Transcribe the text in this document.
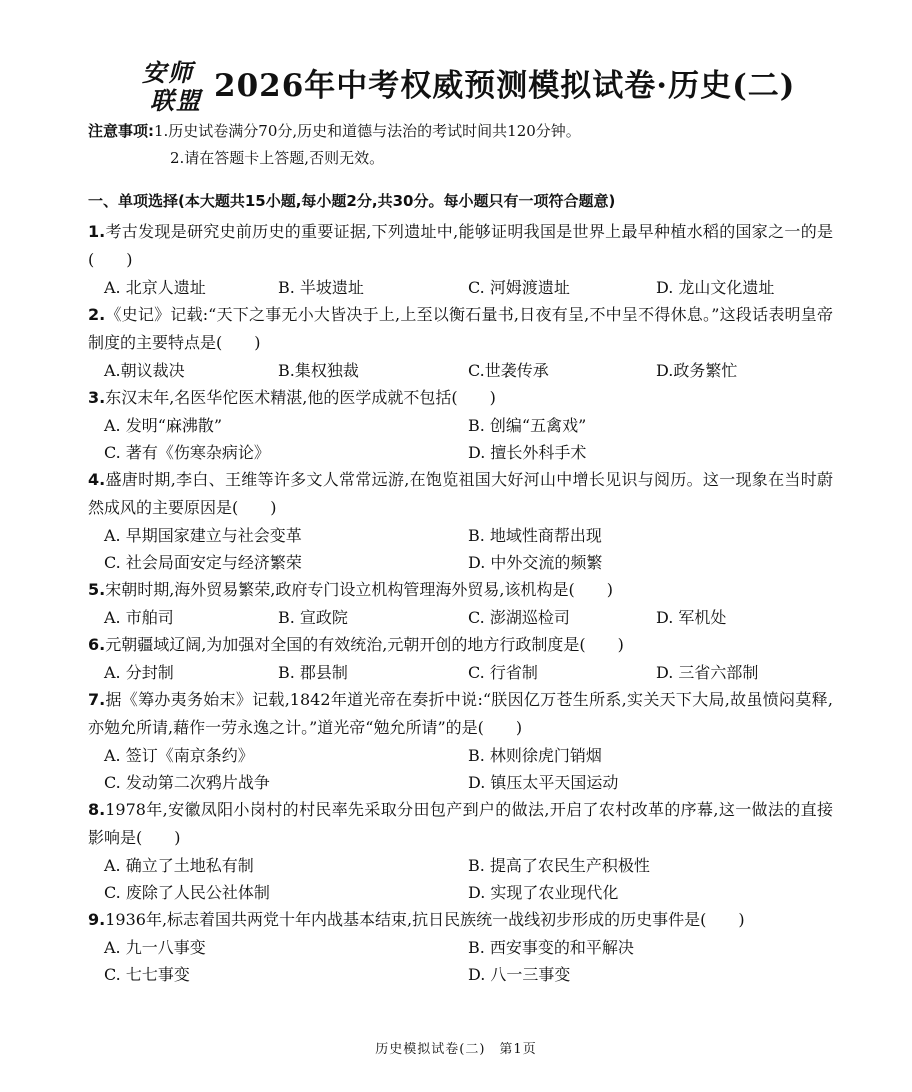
安师
联盟 2026年中考权威预测模拟试卷·历史(二)
注意事项:1.历史试卷满分70分,历史和道德与法治的考试时间共120分钟。
2.请在答题卡上答题,否则无效。
一、单项选择(本大题共15小题,每小题2分,共30分。每小题只有一项符合题意)
1.考古发现是研究史前历史的重要证据,下列遗址中,能够证明我国是世界上最早种植水稻的国家之一的是(　　)
A. 北京人遗址	B. 半坡遗址	C. 河姆渡遗址	D. 龙山文化遗址
2.《史记》记载:“天下之事无小大皆决于上,上至以衡石量书,日夜有呈,不中呈不得休息。”这段话表明皇帝制度的主要特点是(　　)
A.朝议裁决	B.集权独裁	C.世袭传承	D.政务繁忙
3.东汉末年,名医华佗医术精湛,他的医学成就不包括(　　)
A. 发明“麻沸散”	B. 创编“五禽戏”
C. 著有《伤寒杂病论》	D. 擅长外科手术
4.盛唐时期,李白、王维等许多文人常常远游,在饱览祖国大好河山中增长见识与阅历。这一现象在当时蔚然成风的主要原因是(　　)
A. 早期国家建立与社会变革	B. 地域性商帮出现
C. 社会局面安定与经济繁荣	D. 中外交流的频繁
5.宋朝时期,海外贸易繁荣,政府专门设立机构管理海外贸易,该机构是(　　)
A. 市舶司	B. 宣政院	C. 澎湖巡检司	D. 军机处
6.元朝疆域辽阔,为加强对全国的有效统治,元朝开创的地方行政制度是(　　)
A. 分封制	B. 郡县制	C. 行省制	D. 三省六部制
7.据《筹办夷务始末》记载,1842年道光帝在奏折中说:“朕因亿万苍生所系,实关天下大局,故虽愤闷莫释,亦勉允所请,藉作一劳永逸之计。”道光帝“勉允所请”的是(　　)
A. 签订《南京条约》	B. 林则徐虎门销烟
C. 发动第二次鸦片战争	D. 镇压太平天国运动
8.1978年,安徽凤阳小岗村的村民率先采取分田包产到户的做法,开启了农村改革的序幕,这一做法的直接影响是(　　)
A. 确立了土地私有制	B. 提高了农民生产积极性
C. 废除了人民公社体制	D. 实现了农业现代化
9.1936年,标志着国共两党十年内战基本结束,抗日民族统一战线初步形成的历史事件是(　　)
A. 九一八事变	B. 西安事变的和平解决
C. 七七事变	D. 八一三事变
历史模拟试卷(二)　第1页
